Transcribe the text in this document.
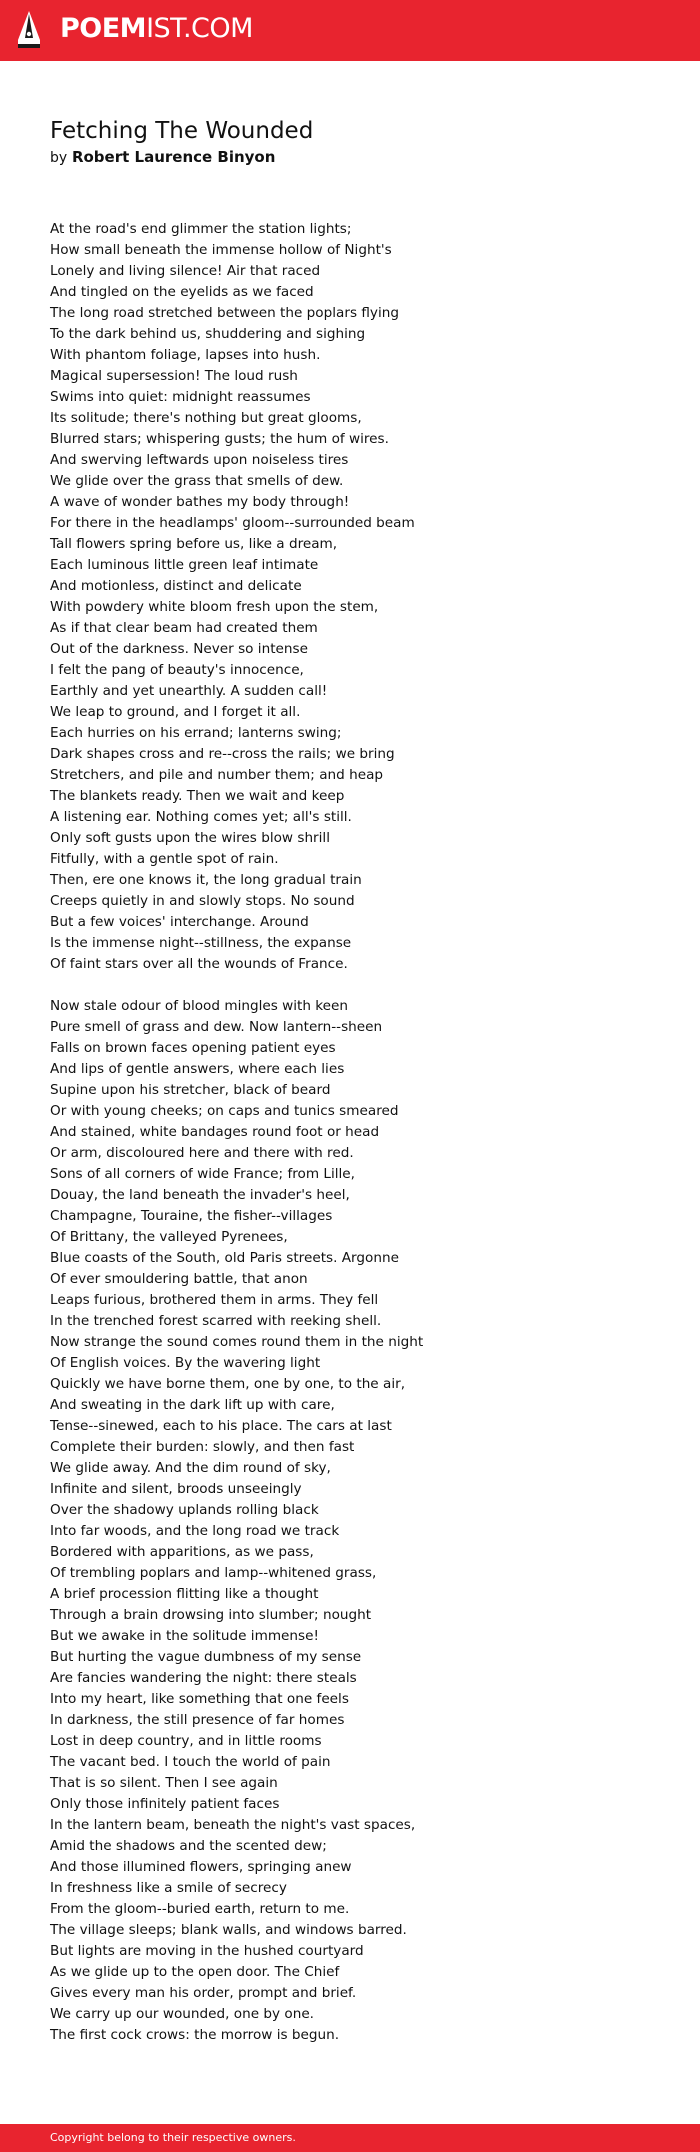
POEMIST.COM
Fetching The Wounded
by Robert Laurence Binyon
At the road's end glimmer the station lights;
How small beneath the immense hollow of Night's
Lonely and living silence! Air that raced
And tingled on the eyelids as we faced
The long road stretched between the poplars flying
To the dark behind us, shuddering and sighing
With phantom foliage, lapses into hush.
Magical supersession! The loud rush
Swims into quiet: midnight reassumes
Its solitude; there's nothing but great glooms,
Blurred stars; whispering gusts; the hum of wires.
And swerving leftwards upon noiseless tires
We glide over the grass that smells of dew.
A wave of wonder bathes my body through!
For there in the headlamps' gloom--surrounded beam
Tall flowers spring before us, like a dream,
Each luminous little green leaf intimate
And motionless, distinct and delicate
With powdery white bloom fresh upon the stem,
As if that clear beam had created them
Out of the darkness. Never so intense
I felt the pang of beauty's innocence,
Earthly and yet unearthly. A sudden call!
We leap to ground, and I forget it all.
Each hurries on his errand; lanterns swing;
Dark shapes cross and re--cross the rails; we bring
Stretchers, and pile and number them; and heap
The blankets ready. Then we wait and keep
A listening ear. Nothing comes yet; all's still.
Only soft gusts upon the wires blow shrill
Fitfully, with a gentle spot of rain.
Then, ere one knows it, the long gradual train
Creeps quietly in and slowly stops. No sound
But a few voices' interchange. Around
Is the immense night--stillness, the expanse
Of faint stars over all the wounds of France.
Now stale odour of blood mingles with keen
Pure smell of grass and dew. Now lantern--sheen
Falls on brown faces opening patient eyes
And lips of gentle answers, where each lies
Supine upon his stretcher, black of beard
Or with young cheeks; on caps and tunics smeared
And stained, white bandages round foot or head
Or arm, discoloured here and there with red.
Sons of all corners of wide France; from Lille,
Douay, the land beneath the invader's heel,
Champagne, Touraine, the fisher--villages
Of Brittany, the valleyed Pyrenees,
Blue coasts of the South, old Paris streets. Argonne
Of ever smouldering battle, that anon
Leaps furious, brothered them in arms. They fell
In the trenched forest scarred with reeking shell.
Now strange the sound comes round them in the night
Of English voices. By the wavering light
Quickly we have borne them, one by one, to the air,
And sweating in the dark lift up with care,
Tense--sinewed, each to his place. The cars at last
Complete their burden: slowly, and then fast
We glide away. And the dim round of sky,
Infinite and silent, broods unseeingly
Over the shadowy uplands rolling black
Into far woods, and the long road we track
Bordered with apparitions, as we pass,
Of trembling poplars and lamp--whitened grass,
A brief procession flitting like a thought
Through a brain drowsing into slumber; nought
But we awake in the solitude immense!
But hurting the vague dumbness of my sense
Are fancies wandering the night: there steals
Into my heart, like something that one feels
In darkness, the still presence of far homes
Lost in deep country, and in little rooms
The vacant bed. I touch the world of pain
That is so silent. Then I see again
Only those infinitely patient faces
In the lantern beam, beneath the night's vast spaces,
Amid the shadows and the scented dew;
And those illumined flowers, springing anew
In freshness like a smile of secrecy
From the gloom--buried earth, return to me.
The village sleeps; blank walls, and windows barred.
But lights are moving in the hushed courtyard
As we glide up to the open door. The Chief
Gives every man his order, prompt and brief.
We carry up our wounded, one by one.
The first cock crows: the morrow is begun.
Copyright belong to their respective owners.
